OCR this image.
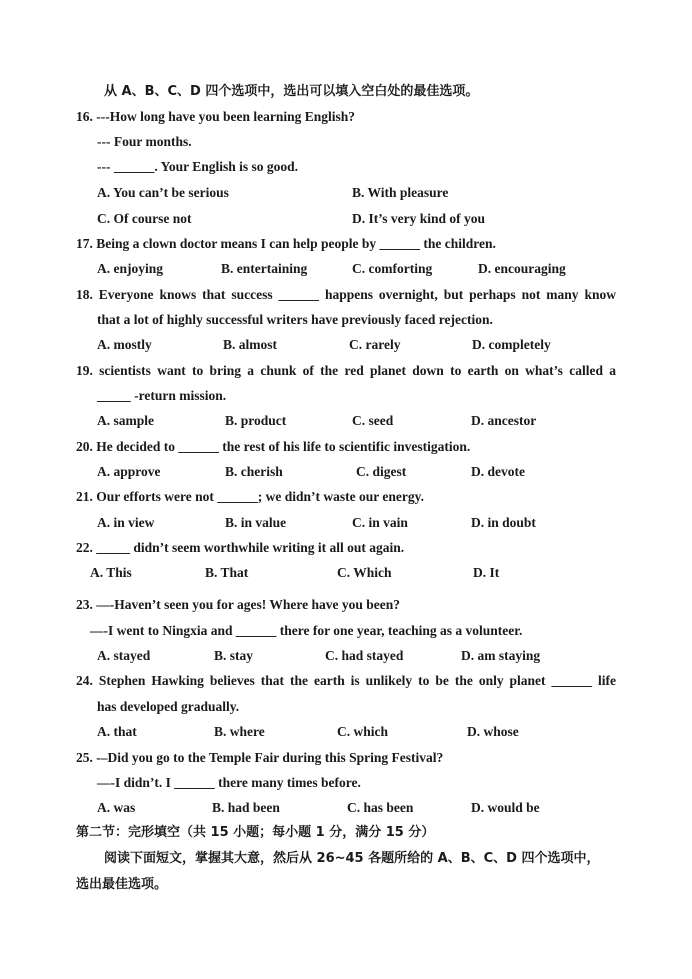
从 A、B、C、D 四个选项中，选出可以填入空白处的最佳选项。
16. ---How long have you been learning English?
--- Four months.
--- ______. Your English is so good.
A. You can’t be serious	B. With pleasure
C. Of course not	D. It’s very kind of you
17. Being a clown doctor means I can help people by ______ the children.
A. enjoying	B. entertaining	C. comforting	D. encouraging
18. Everyone knows that success ______ happens overnight, but perhaps not many know
that a lot of highly successful writers have previously faced rejection.
A. mostly	B. almost	C. rarely	D. completely
19. scientists want to bring a chunk of the red planet down to earth on what’s called a
_____ -return mission.
A. sample	B. product	C. seed	D. ancestor
20. He decided to ______ the rest of his life to scientific investigation.
A. approve	B. cherish	C. digest	D. devote
21. Our efforts were not ______; we didn’t waste our energy.
A. in view	B. in value	C. in vain	D. in doubt
22. _____ didn’t seem worthwhile writing it all out again.
A. This	B. That	C. Which	D. It
23. —-Haven’t seen you for ages! Where have you been?
—-I went to Ningxia and ______ there for one year, teaching as a volunteer.
A. stayed	B. stay	C. had stayed	D. am staying
24. Stephen Hawking believes that the earth is unlikely to be the only planet ______ life
has developed gradually.
A. that	B. where	C. which	D. whose
25. -–Did you go to the Temple Fair during this Spring Festival?
—-I didn’t. I ______ there many times before.
A. was	B. had been	C. has been	D. would be
第二节：完形填空（共 15 小题；每小题 1 分，满分 15 分）
阅读下面短文，掌握其大意，然后从 26~45 各题所给的 A、B、C、D 四个选项中，
选出最佳选项。
